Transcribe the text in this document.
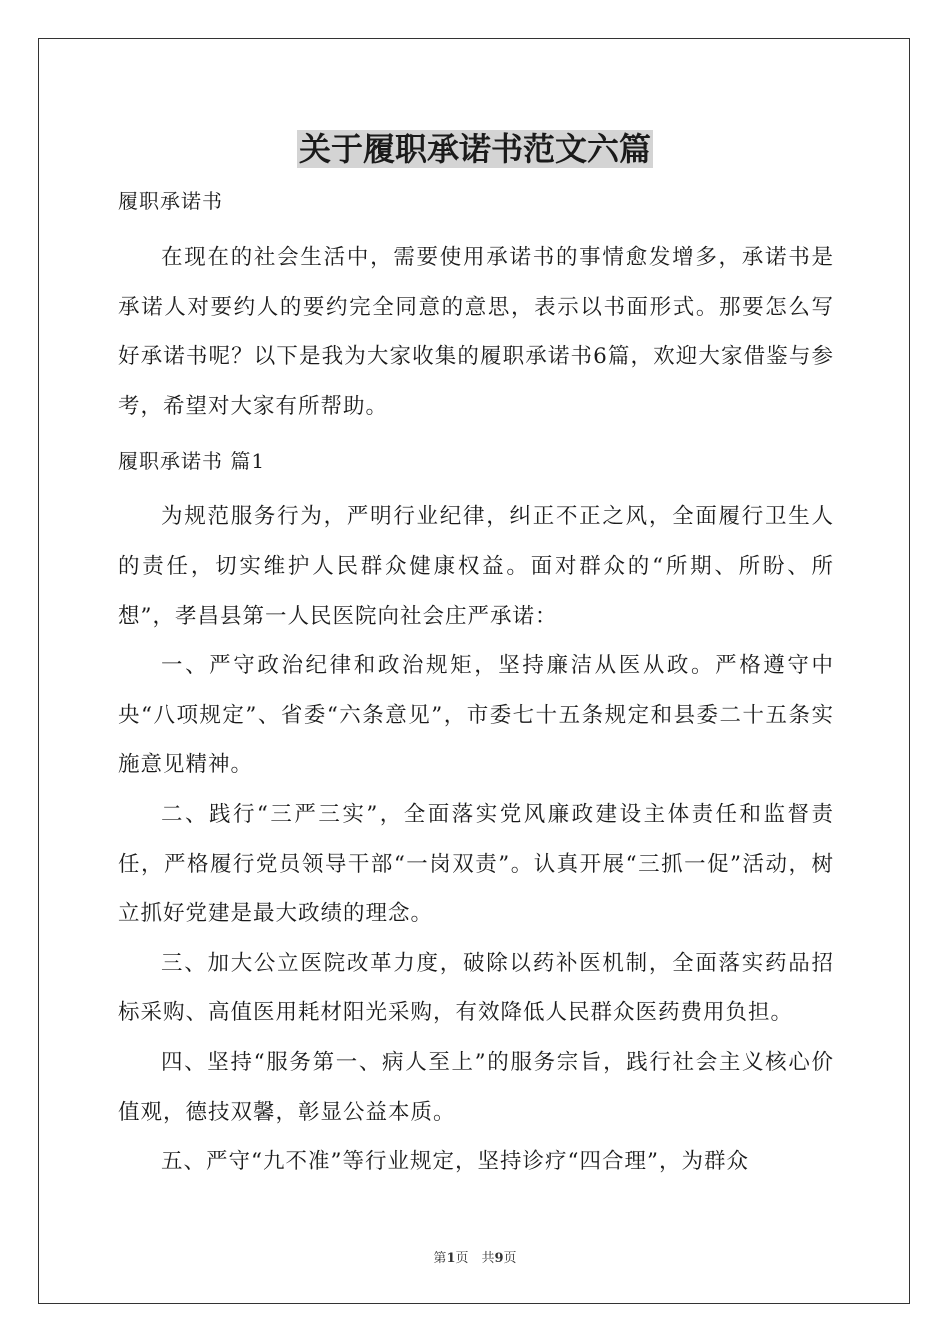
关于履职承诺书范文六篇
履职承诺书

在现在的社会生活中，需要使用承诺书的事情愈发增多，承诺书是承诺人对要约人的要约完全同意的意思，表示以书面形式。那要怎么写好承诺书呢？以下是我为大家收集的履职承诺书6篇，欢迎大家借鉴与参考，希望对大家有所帮助。

履职承诺书 篇1

为规范服务行为，严明行业纪律，纠正不正之风，全面履行卫生人的责任，切实维护人民群众健康权益。面对群众的“所期、所盼、所想”，孝昌县第一人民医院向社会庄严承诺：

一、严守政治纪律和政治规矩，坚持廉洁从医从政。严格遵守中央“八项规定”、省委“六条意见”，市委七十五条规定和县委二十五条实施意见精神。

二、践行“三严三实”，全面落实党风廉政建设主体责任和监督责任，严格履行党员领导干部“一岗双责”。认真开展“三抓一促”活动，树立抓好党建是最大政绩的理念。

三、加大公立医院改革力度，破除以药补医机制，全面落实药品招标采购、高值医用耗材阳光采购，有效降低人民群众医药费用负担。

四、坚持“服务第一、病人至上”的服务宗旨，践行社会主义核心价值观，德技双馨，彰显公益本质。

五、严守“九不准”等行业规定，坚持诊疗“四合理”，为群众

第1页　共9页
